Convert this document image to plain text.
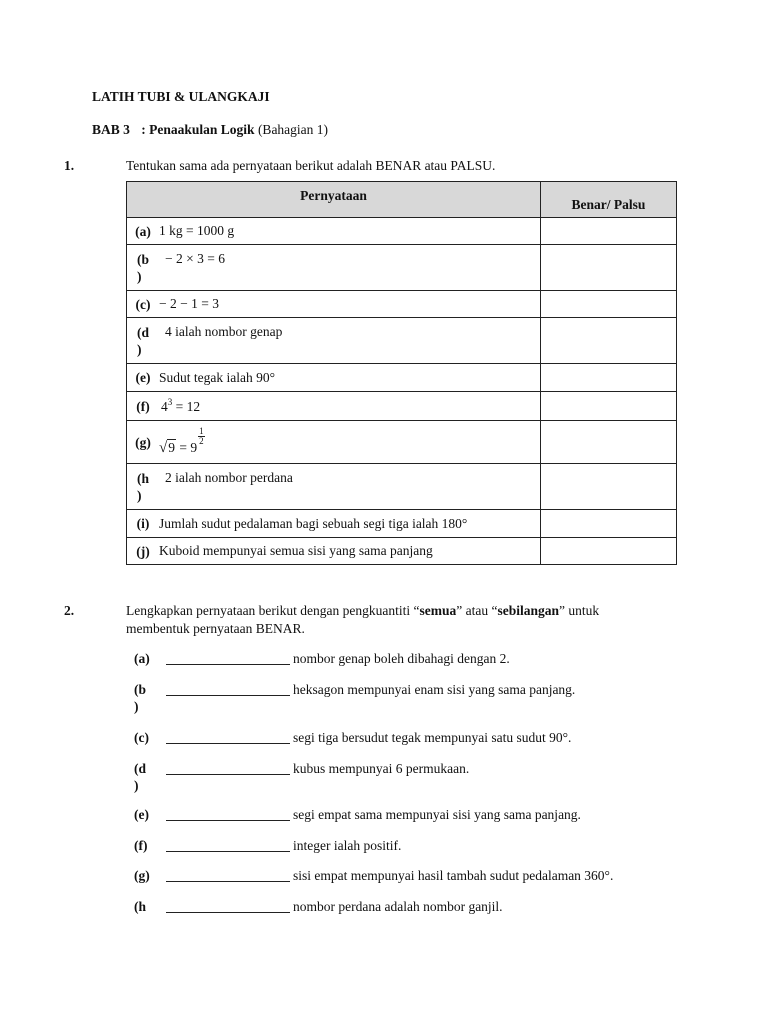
LATIH TUBI & ULANGKAJI
BAB 3 : Penaakulan Logik (Bahagian 1)
1.	Tentukan sama ada pernyataan berikut adalah BENAR atau PALSU.
Pernyataan	Benar/ Palsu

(a) 1 kg = 1000 g	

(b
)
− 2 × 3 = 6	

(c) − 2 − 1 = 3	

(d
)
4 ialah nombor genap	

(e) Sudut tegak ialah 90°	

(f) $4^3 = 12$	

(g) √9 = 9
$\frac{1}{2}$

(h
)
2 ialah nombor perdana	

(i) Jumlah sudut pedalaman bagi sebuah segi tiga ialah 180°	

(j) Kuboid mempunyai semua sisi yang sama panjang	

2.	Lengkapkan pernyataan berikut dengan pengkuantiti “semua” atau “sebilangan” untuk
membentuk pernyataan BENAR.
(a)	nombor genap boleh dibahagi dengan 2.
(b
)
heksagon mempunyai enam sisi yang sama panjang.
(c)	segi tiga bersudut tegak mempunyai satu sudut 90°.
(d
)
kubus mempunyai 6 permukaan.
(e)	segi empat sama mempunyai sisi yang sama panjang.
(f)	integer ialah positif.
(g)	sisi empat mempunyai hasil tambah sudut pedalaman 360°.
(h	nombor perdana adalah nombor ganjil.
